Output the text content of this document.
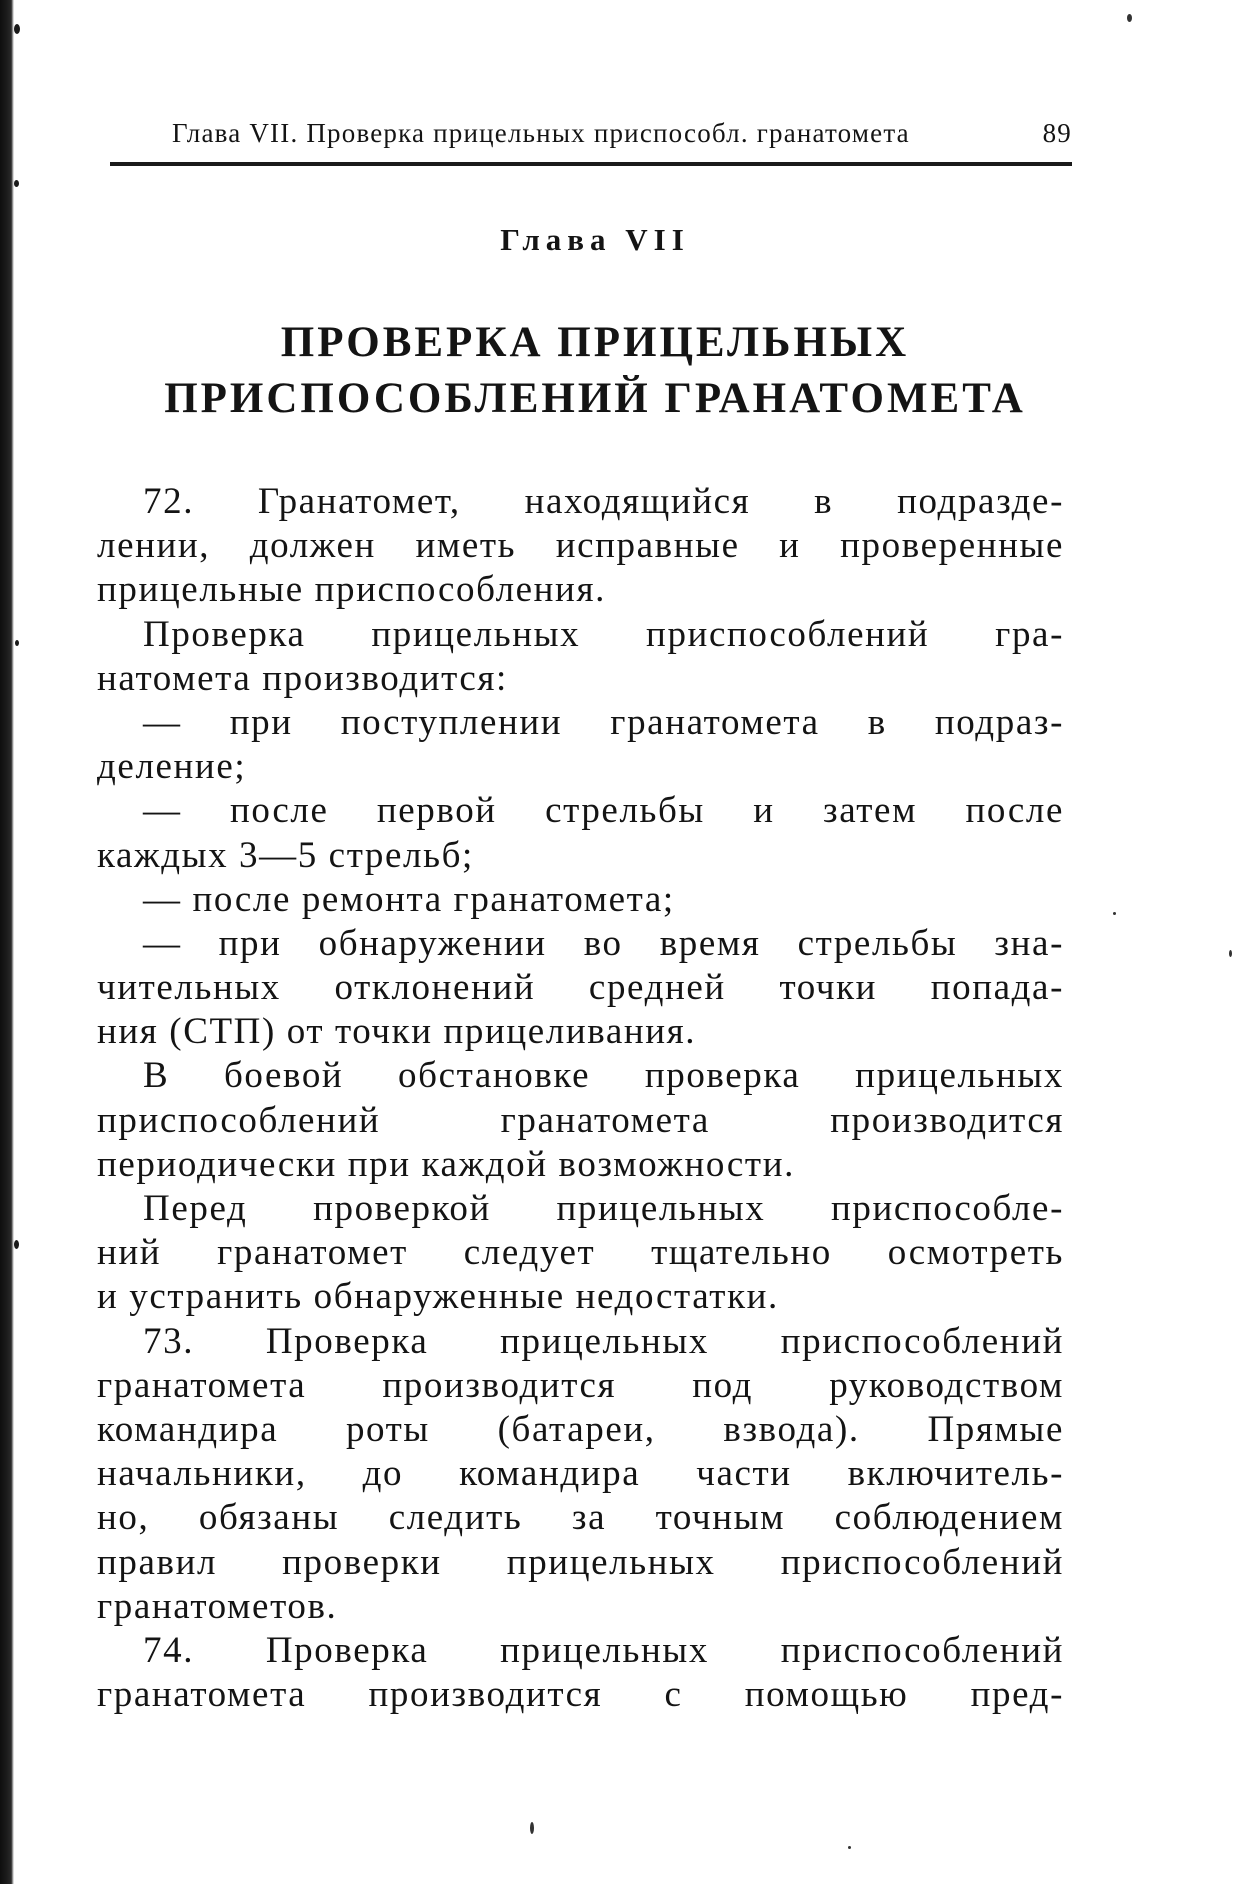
Глава VII. Проверка прицельных приспособл. гранатомета	89
Глава VII
ПРОВЕРКА ПРИЦЕЛЬНЫХ
ПРИСПОСОБЛЕНИЙ ГРАНАТОМЕТА
72. Гранатомет, находящийся в подразде-
лении, должен иметь исправные и проверенные
прицельные приспособления.
Проверка прицельных приспособлений гра-
натомета производится:
— при поступлении гранатомета в подраз-
деление;
— после первой стрельбы и затем после
каждых 3—5 стрельб;
— после ремонта гранатомета;
— при обнаружении во время стрельбы зна-
чительных отклонений средней точки попада-
ния (СТП) от точки прицеливания.
В боевой обстановке проверка прицельных
приспособлений гранатомета производится
периодически при каждой возможности.
Перед проверкой прицельных приспособле-
ний гранатомет следует тщательно осмотреть
и устранить обнаруженные недостатки.
73. Проверка прицельных приспособлений
гранатомета производится под руководством
командира роты (батареи, взвода). Прямые
начальники, до командира части включитель-
но, обязаны следить за точным соблюдением
правил проверки прицельных приспособлений
гранатометов.
74. Проверка прицельных приспособлений
гранатомета производится с помощью пред-
